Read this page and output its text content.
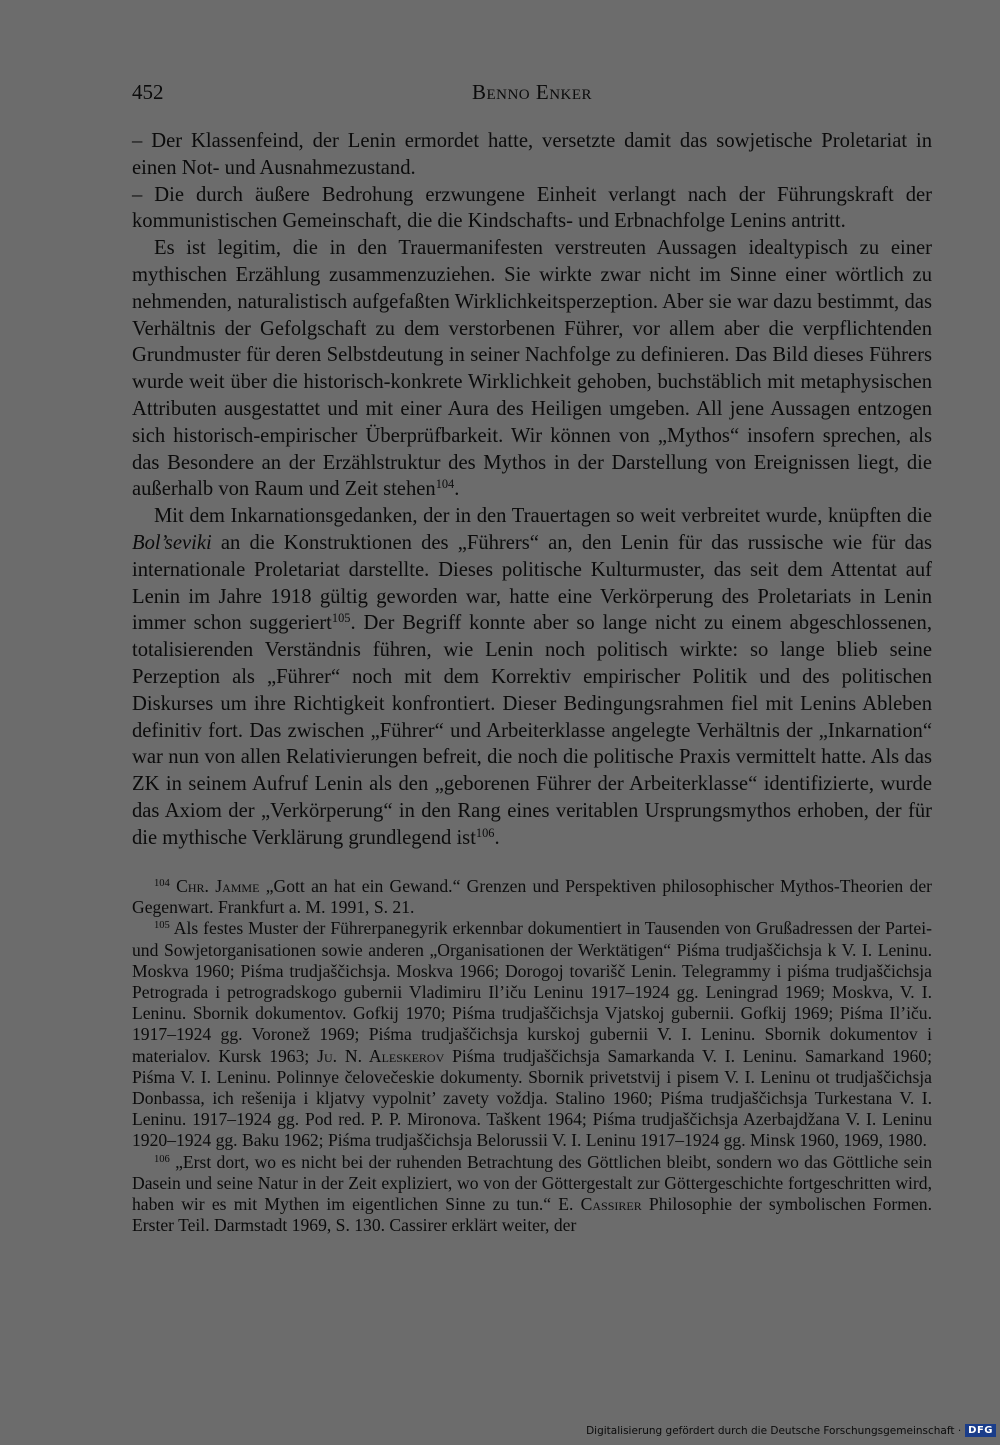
452	Benno Enker

– Der Klassenfeind, der Lenin ermordet hatte, versetzte damit das sowjetische Proletariat in einen Not- und Ausnahmezustand.

– Die durch äußere Bedrohung erzwungene Einheit verlangt nach der Führungskraft der kommunistischen Gemeinschaft, die die Kindschafts- und Erbnachfolge Lenins antritt.

Es ist legitim, die in den Trauermanifesten verstreuten Aussagen idealtypisch zu einer mythischen Erzählung zusammenzuziehen. Sie wirkte zwar nicht im Sinne einer wörtlich zu nehmenden, naturalistisch aufgefaßten Wirklichkeitsperzeption. Aber sie war dazu bestimmt, das Verhältnis der Gefolgschaft zu dem verstorbenen Führer, vor allem aber die verpflichtenden Grundmuster für deren Selbstdeutung in seiner Nachfolge zu definieren. Das Bild dieses Führers wurde weit über die historisch-konkrete Wirklichkeit gehoben, buchstäblich mit metaphysischen Attributen ausgestattet und mit einer Aura des Heiligen umgeben. All jene Aussagen entzogen sich historisch-empirischer Überprüfbarkeit. Wir können von „Mythos“ insofern sprechen, als das Besondere an der Erzählstruktur des Mythos in der Darstellung von Ereignissen liegt, die außerhalb von Raum und Zeit stehen$^{104}$.

Mit dem Inkarnationsgedanken, der in den Trauertagen so weit verbreitet wurde, knüpften die Bol’seviki an die Konstruktionen des „Führers“ an, den Lenin für das russische wie für das internationale Proletariat darstellte. Dieses politische Kulturmuster, das seit dem Attentat auf Lenin im Jahre 1918 gültig geworden war, hatte eine Verkörperung des Proletariats in Lenin immer schon suggeriert$^{105}$. Der Begriff konnte aber so lange nicht zu einem abgeschlossenen, totalisierenden Verständnis führen, wie Lenin noch politisch wirkte: so lange blieb seine Perzeption als „Führer“ noch mit dem Korrektiv empirischer Politik und des politischen Diskurses um ihre Richtigkeit konfrontiert. Dieser Bedingungsrahmen fiel mit Lenins Ableben definitiv fort. Das zwischen „Führer“ und Arbeiterklasse angelegte Verhältnis der „Inkarnation“ war nun von allen Relativierungen befreit, die noch die politische Praxis vermittelt hatte. Als das ZK in seinem Aufruf Lenin als den „geborenen Führer der Arbeiterklasse“ identifizierte, wurde das Axiom der „Verkörperung“ in den Rang eines veritablen Ursprungsmythos erhoben, der für die mythische Verklärung grundlegend ist$^{106}$.

$^{104}$ Chr. Jamme „Gott an hat ein Gewand.“ Grenzen und Perspektiven philosophischer Mythos-Theorien der Gegenwart. Frankfurt a. M. 1991, S. 21.

$^{105}$ Als festes Muster der Führerpanegyrik erkennbar dokumentiert in Tausenden von Grußadressen der Partei- und Sowjetorganisationen sowie anderen „Organisationen der Werktätigen“ Piśma trudjaščichsja k V. I. Leninu. Moskva 1960; Piśma trudjaščichsja. Moskva 1966; Dorogoj tovarišč Lenin. Telegrammy i piśma trudjaščichsja Petrograda i petrogradskogo gubernii Vladimiru Il’iču Leninu 1917–1924 gg. Leningrad 1969; Moskva, V. I. Leninu. Sbornik dokumentov. Gofkij 1970; Piśma trudjaščichsja Vjatskoj gubernii. Gofkij 1969; Piśma Il’iču. 1917–1924 gg. Voronež 1969; Piśma trudjaščichsja kurskoj gubernii V. I. Leninu. Sbornik dokumentov i materialov. Kursk 1963; Ju. N. Aleskerov Piśma trudjaščichsja Samarkanda V. I. Leninu. Samarkand 1960; Piśma V. I. Leninu. Polinnye čelovečeskie dokumenty. Sbornik privetstvij i pisem V. I. Leninu ot trudjaščichsja Donbassa, ich rešenija i kljatvy vypolnit’ zavety voždja. Stalino 1960; Piśma trudjaščichsja Turkestana V. I. Leninu. 1917–1924 gg. Pod red. P. P. Mironova. Taškent 1964; Piśma trudjaščichsja Azerbajdžana V. I. Leninu 1920–1924 gg. Baku 1962; Piśma trudjaščichsja Belorussii V. I. Leninu 1917–1924 gg. Minsk 1960, 1969, 1980.

$^{106}$ „Erst dort, wo es nicht bei der ruhenden Betrachtung des Göttlichen bleibt, sondern wo das Göttliche sein Dasein und seine Natur in der Zeit expliziert, wo von der Göttergestalt zur Göttergeschichte fortgeschritten wird, haben wir es mit Mythen im eigentlichen Sinne zu tun.“ E. Cassirer Philosophie der symbolischen Formen. Erster Teil. Darmstadt 1969, S. 130. Cassirer erklärt weiter, der

Digitalisierung gefördert durch die Deutsche Forschungsgemeinschaft · DFG
